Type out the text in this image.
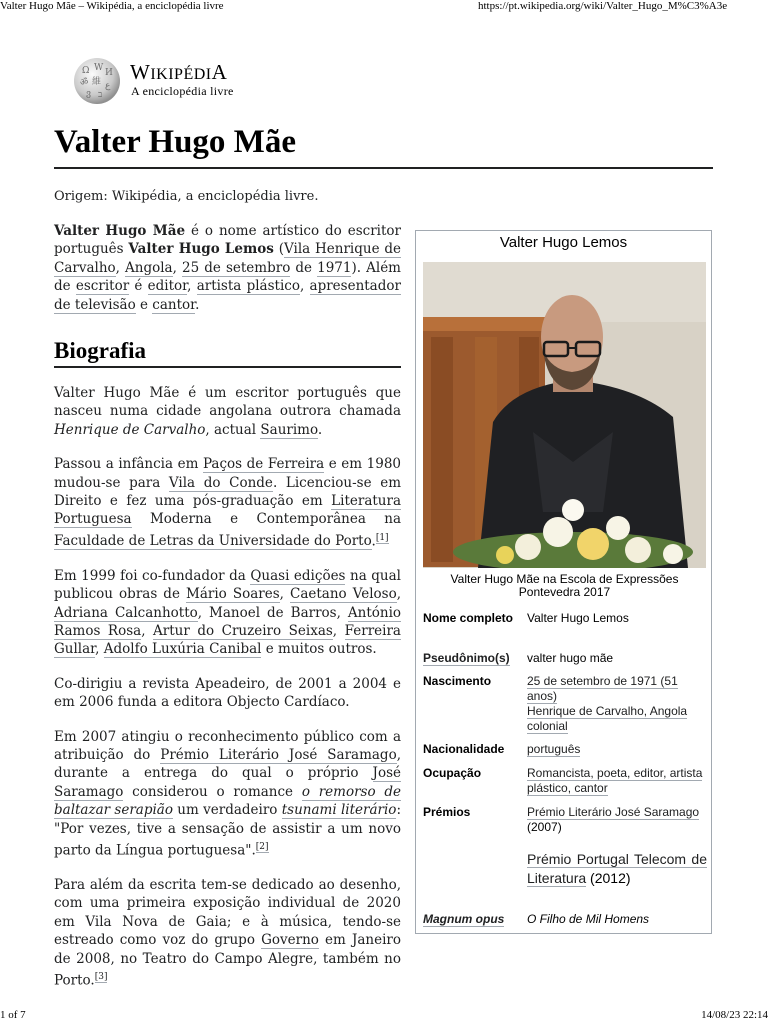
Valter Hugo Mãe – Wikipédia, a enciclopédia livre	https://pt.wikipedia.org/wiki/Valter_Hugo_M%C3%A3e
Ω W И
ॐ 維 ع
ვ ב
WIKIPÉDIA
A enciclopédia livre
Valter Hugo Mãe
Origem: Wikipédia, a enciclopédia livre.
Valter Hugo Mãe é o nome artístico do escritor português Valter Hugo Lemos (Vila Henrique de Carvalho, Angola, 25 de setembro de 1971). Além de escritor é editor, artista plástico, apresentador de televisão e cantor.
Biografia

Valter Hugo Mãe é um escritor português que nasceu numa cidade angolana outrora chamada Henrique de Carvalho, actual Saurimo.

Passou a infância em Paços de Ferreira e em 1980 mudou-se para Vila do Conde. Licenciou-se em Direito e fez uma pós-graduação em Literatura Portuguesa Moderna e Contemporânea na Faculdade de Letras da Universidade do Porto.[1]

Em 1999 foi co-fundador da Quasi edições na qual publicou obras de Mário Soares, Caetano Veloso, Adriana Calcanhotto, Manoel de Barros, António Ramos Rosa, Artur do Cruzeiro Seixas, Ferreira Gullar, Adolfo Luxúria Canibal e muitos outros.

Co-dirigiu a revista Apeadeiro, de 2001 a 2004 e em 2006 funda a editora Objecto Cardíaco.

Em 2007 atingiu o reconhecimento público com a atribuição do Prémio Literário José Saramago, durante a entrega do qual o próprio José Saramago considerou o romance o remorso de baltazar serapião um verdadeiro tsunami literário: "Por vezes, tive a sensação de assistir a um novo parto da Língua portuguesa".[2]

Para além da escrita tem-se dedicado ao desenho, com uma primeira exposição individual de 2020 em Vila Nova de Gaia; e à música, tendo-se estreado como voz do grupo Governo em Janeiro de 2008, no Teatro do Campo Alegre, também no Porto.[3]

Valter Hugo Lemos
Valter Hugo Mãe na Escola de Expressões Pontevedra 2017
Nome completo	Valter Hugo Lemos
Pseudônimo(s)	valter hugo mãe
Nascimento	25 de setembro de 1971 (51 anos)
Henrique de Carvalho, Angola colonial
Nacionalidade	português
Ocupação	Romancista, poeta, editor, artista plástico, cantor
Prémios	Prémio Literário José Saramago (2007)
Prémio Portugal Telecom de Literatura (2012)
Magnum opus	O Filho de Mil Homens
1 of 7	14/08/23 22:14
